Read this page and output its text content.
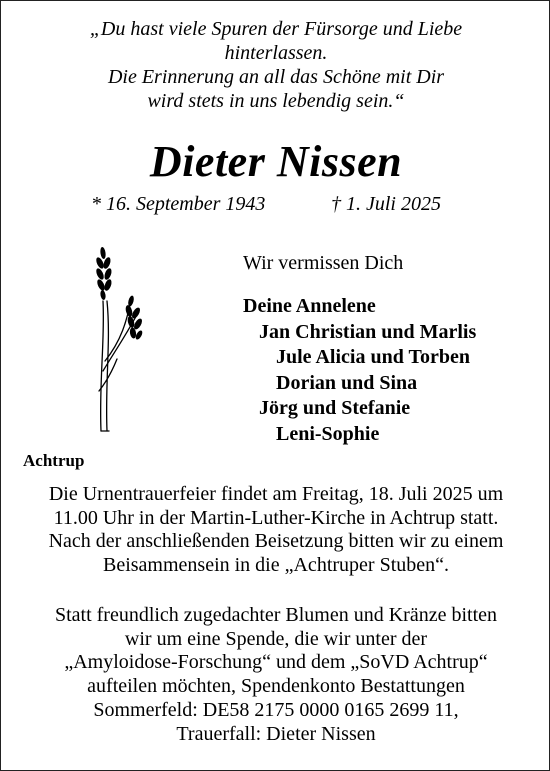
„Du hast viele Spuren der Fürsorge und Liebe
hinterlassen.
Die Erinnerung an all das Schöne mit Dir
wird stets in uns lebendig sein.“
Dieter Nissen
* 16. September 1943	† 1. Juli 2025
Wir vermissen Dich
Deine Annelene
Jan Christian und Marlis
Jule Alicia und Torben
Dorian und Sina
Jörg und Stefanie
Leni-Sophie
Achtrup
Die Urnentrauerfeier findet am Freitag, 18. Juli 2025 um
11.00 Uhr in der Martin-Luther-Kirche in Achtrup statt.
Nach der anschließenden Beisetzung bitten wir zu einem
Beisammensein in die „Achtruper Stuben“.
Statt freundlich zugedachter Blumen und Kränze bitten
wir um eine Spende, die wir unter der
„Amyloidose-Forschung“ und dem „SoVD Achtrup“
aufteilen möchten, Spendenkonto Bestattungen
Sommerfeld: DE58 2175 0000 0165 2699 11,
Trauerfall: Dieter Nissen
